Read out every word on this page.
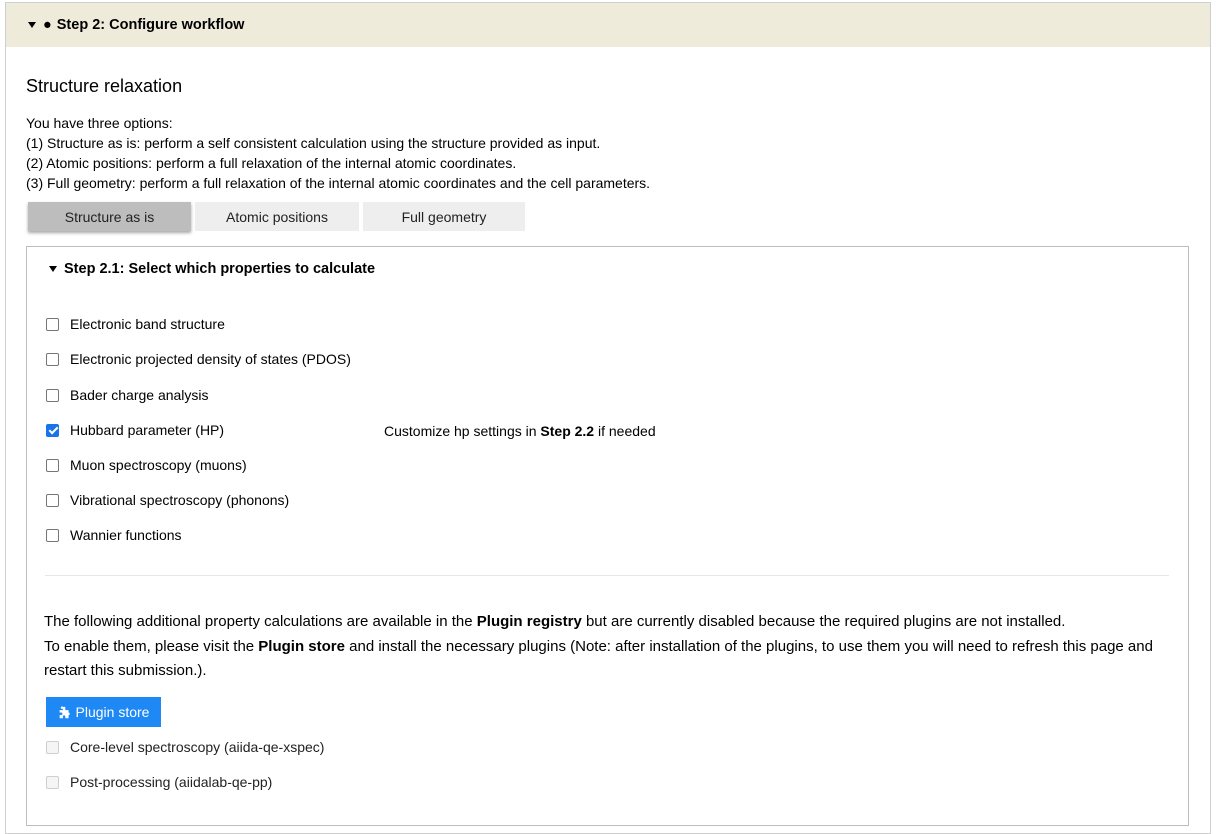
● Step 2: Configure workflow
Structure relaxation
You have three options:
(1) Structure as is: perform a self consistent calculation using the structure provided as input.
(2) Atomic positions: perform a full relaxation of the internal atomic coordinates.
(3) Full geometry: perform a full relaxation of the internal atomic coordinates and the cell parameters.
Structure as is	Atomic positions	Full geometry
Step 2.1: Select which properties to calculate
Electronic band structure
Electronic projected density of states (PDOS)
Bader charge analysis
Hubbard parameter (HP)	Customize hp settings in Step 2.2 if needed
Muon spectroscopy (muons)
Vibrational spectroscopy (phonons)
Wannier functions
The following additional property calculations are available in the Plugin registry but are currently disabled because the required plugins are not installed.
To enable them, please visit the Plugin store and install the necessary plugins (Note: after installation of the plugins, to use them you will need to refresh this page and restart this submission.).
Plugin store
Core-level spectroscopy (aiida-qe-xspec)
Post-processing (aiidalab-qe-pp)
